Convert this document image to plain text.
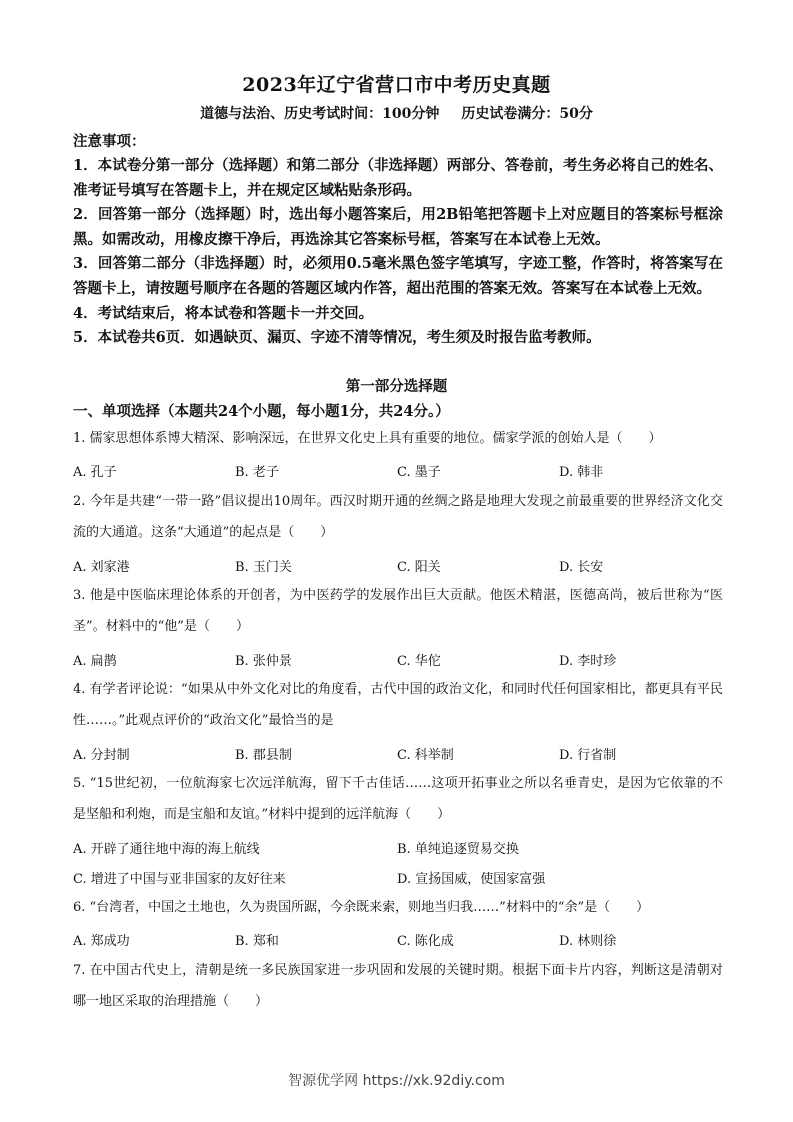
2023年辽宁省营口市中考历史真题
道德与法治、历史考试时间：100分钟 历史试卷满分：50分
注意事项：

1．本试卷分第一部分（选择题）和第二部分（非选择题）两部分、答卷前，考生务必将自己的姓名、准考证号填写在答题卡上，并在规定区域粘贴条形码。

2．回答第一部分（选择题）时，选出每小题答案后，用2B铅笔把答题卡上对应题目的答案标号框涂黑。如需改动，用橡皮擦干净后，再选涂其它答案标号框，答案写在本试卷上无效。

3．回答第二部分（非选择题）时，必须用0.5毫米黑色签字笔填写，字迹工整，作答时，将答案写在答题卡上，请按题号顺序在各题的答题区域内作答，超出范围的答案无效。答案写在本试卷上无效。

4．考试结束后，将本试卷和答题卡一并交回。

5．本试卷共6页．如遇缺页、漏页、字迹不清等情况，考生须及时报告监考教师。

第一部分选择题
一、单项选择（本题共24个小题，每小题1分，共24分。）

1. 儒家思想体系博大精深、影响深远，在世界文化史上具有重要的地位。儒家学派的创始人是（　　）

A. 孔子	B. 老子	C. 墨子	D. 韩非

2. 今年是共建“一带一路”倡议提出10周年。西汉时期开通的丝绸之路是地理大发现之前最重要的世界经济文化交流的大通道。这条“大通道”的起点是（　　）

A. 刘家港	B. 玉门关	C. 阳关	D. 长安

3. 他是中医临床理论体系的开创者，为中医药学的发展作出巨大贡献。他医术精湛，医德高尚，被后世称为“医圣”。材料中的“他”是（　　）

A. 扁鹊	B. 张仲景	C. 华佗	D. 李时珍

4. 有学者评论说：“如果从中外文化对比的角度看，古代中国的政治文化，和同时代任何国家相比，都更具有平民性……。”此观点评价的“政治文化”最恰当的是

A. 分封制	B. 郡县制	C. 科举制	D. 行省制

5. “15世纪初，一位航海家七次远洋航海，留下千古佳话……这项开拓事业之所以名垂青史，是因为它依靠的不是坚船和利炮，而是宝船和友谊。”材料中提到的远洋航海（　　）

A. 开辟了通往地中海的海上航线	B. 单纯追逐贸易交换
C. 增进了中国与亚非国家的友好往来	D. 宣扬国威，使国家富强

6. “台湾者，中国之土地也，久为贵国所踞，今余既来索，则地当归我……”材料中的“余”是（　　）

A. 郑成功	B. 郑和	C. 陈化成	D. 林则徐

7. 在中国古代史上，清朝是统一多民族国家进一步巩固和发展的关键时期。根据下面卡片内容，判断这是清朝对哪一地区采取的治理措施（　　）

智源优学网 https://xk.92diy.com
